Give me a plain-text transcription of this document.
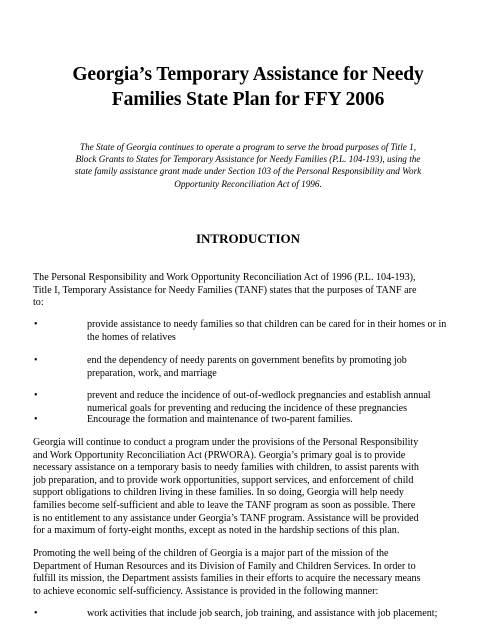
Georgia’s Temporary Assistance for Needy
Families State Plan for FFY 2006
The State of Georgia continues to operate a program to serve the broad purposes of Title 1,
Block Grants to States for Temporary Assistance for Needy Families (P.L. 104-193), using the
state family assistance grant made under Section 103 of the Personal Responsibility and Work
Opportunity Reconciliation Act of 1996.
INTRODUCTION
The Personal Responsibility and Work Opportunity Reconciliation Act of 1996 (P.L. 104-193),
Title I, Temporary Assistance for Needy Families (TANF) states that the purposes of TANF are
to:
•	provide assistance to needy families so that children can be cared for in their homes or in
the homes of relatives
•	end the dependency of needy parents on government benefits by promoting job
preparation, work, and marriage
•	prevent and reduce the incidence of out-of-wedlock pregnancies and establish annual
numerical goals for preventing and reducing the incidence of these pregnancies
•	Encourage the formation and maintenance of two-parent families.
Georgia will continue to conduct a program under the provisions of the Personal Responsibility
and Work Opportunity Reconciliation Act (PRWORA). Georgia’s primary goal is to provide
necessary assistance on a temporary basis to needy families with children, to assist parents with
job preparation, and to provide work opportunities, support services, and enforcement of child
support obligations to children living in these families. In so doing, Georgia will help needy
families become self-sufficient and able to leave the TANF program as soon as possible. There
is no entitlement to any assistance under Georgia’s TANF program. Assistance will be provided
for a maximum of forty-eight months, except as noted in the hardship sections of this plan.
Promoting the well being of the children of Georgia is a major part of the mission of the
Department of Human Resources and its Division of Family and Children Services. In order to
fulfill its mission, the Department assists families in their efforts to acquire the necessary means
to achieve economic self-sufficiency. Assistance is provided in the following manner:
•	work activities that include job search, job training, and assistance with job placement;
